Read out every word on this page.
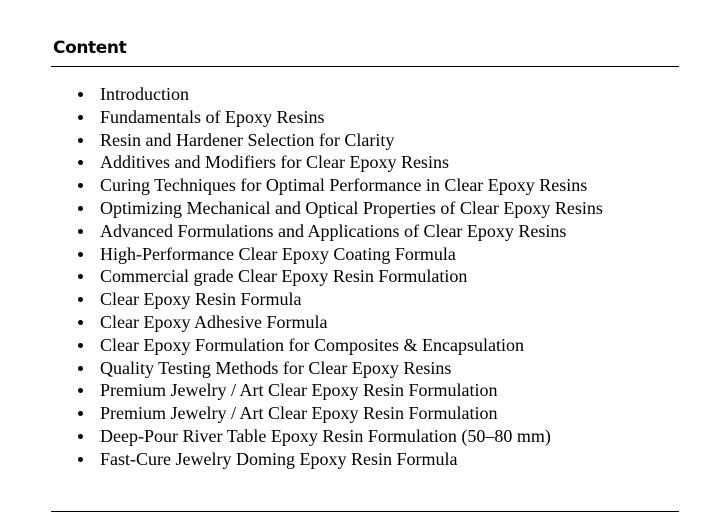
Content
Introduction
Fundamentals of Epoxy Resins
Resin and Hardener Selection for Clarity
Additives and Modifiers for Clear Epoxy Resins
Curing Techniques for Optimal Performance in Clear Epoxy Resins
Optimizing Mechanical and Optical Properties of Clear Epoxy Resins
Advanced Formulations and Applications of Clear Epoxy Resins
High-Performance Clear Epoxy Coating Formula
Commercial grade Clear Epoxy Resin Formulation
Clear Epoxy Resin Formula
Clear Epoxy Adhesive Formula
Clear Epoxy Formulation for Composites & Encapsulation
Quality Testing Methods for Clear Epoxy Resins
Premium Jewelry / Art Clear Epoxy Resin Formulation
Premium Jewelry / Art Clear Epoxy Resin Formulation
Deep-Pour River Table Epoxy Resin Formulation (50–80 mm)
Fast-Cure Jewelry Doming Epoxy Resin Formula
